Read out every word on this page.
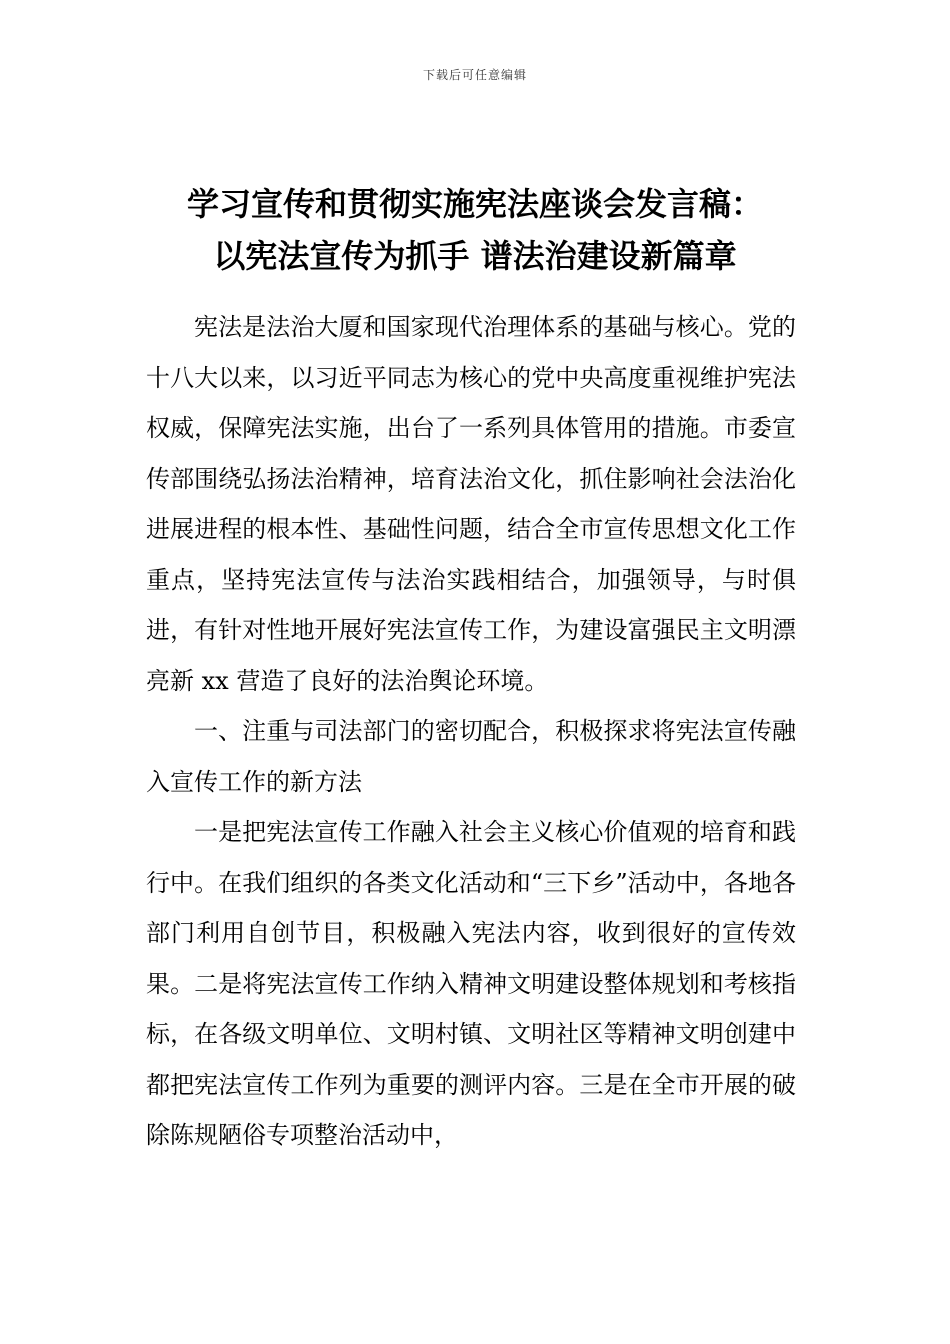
下载后可任意编辑
学习宣传和贯彻实施宪法座谈会发言稿：
以宪法宣传为抓手 谱法治建设新篇章

宪法是法治大厦和国家现代治理体系的基础与核心。党的十八大以来，以习近平同志为核心的党中央高度重视维护宪法权威，保障宪法实施，出台了一系列具体管用的措施。市委宣传部围绕弘扬法治精神，培育法治文化，抓住影响社会法治化进展进程的根本性、基础性问题，结合全市宣传思想文化工作重点，坚持宪法宣传与法治实践相结合，加强领导，与时俱进，有针对性地开展好宪法宣传工作，为建设富强民主文明漂亮新 xx 营造了良好的法治舆论环境。

一、注重与司法部门的密切配合，积极探求将宪法宣传融入宣传工作的新方法

一是把宪法宣传工作融入社会主义核心价值观的培育和践行中。在我们组织的各类文化活动和“三下乡”活动中，各地各部门利用自创节目，积极融入宪法内容，收到很好的宣传效果。二是将宪法宣传工作纳入精神文明建设整体规划和考核指标，在各级文明单位、文明村镇、文明社区等精神文明创建中都把宪法宣传工作列为重要的测评内容。三是在全市开展的破除陈规陋俗专项整治活动中，
